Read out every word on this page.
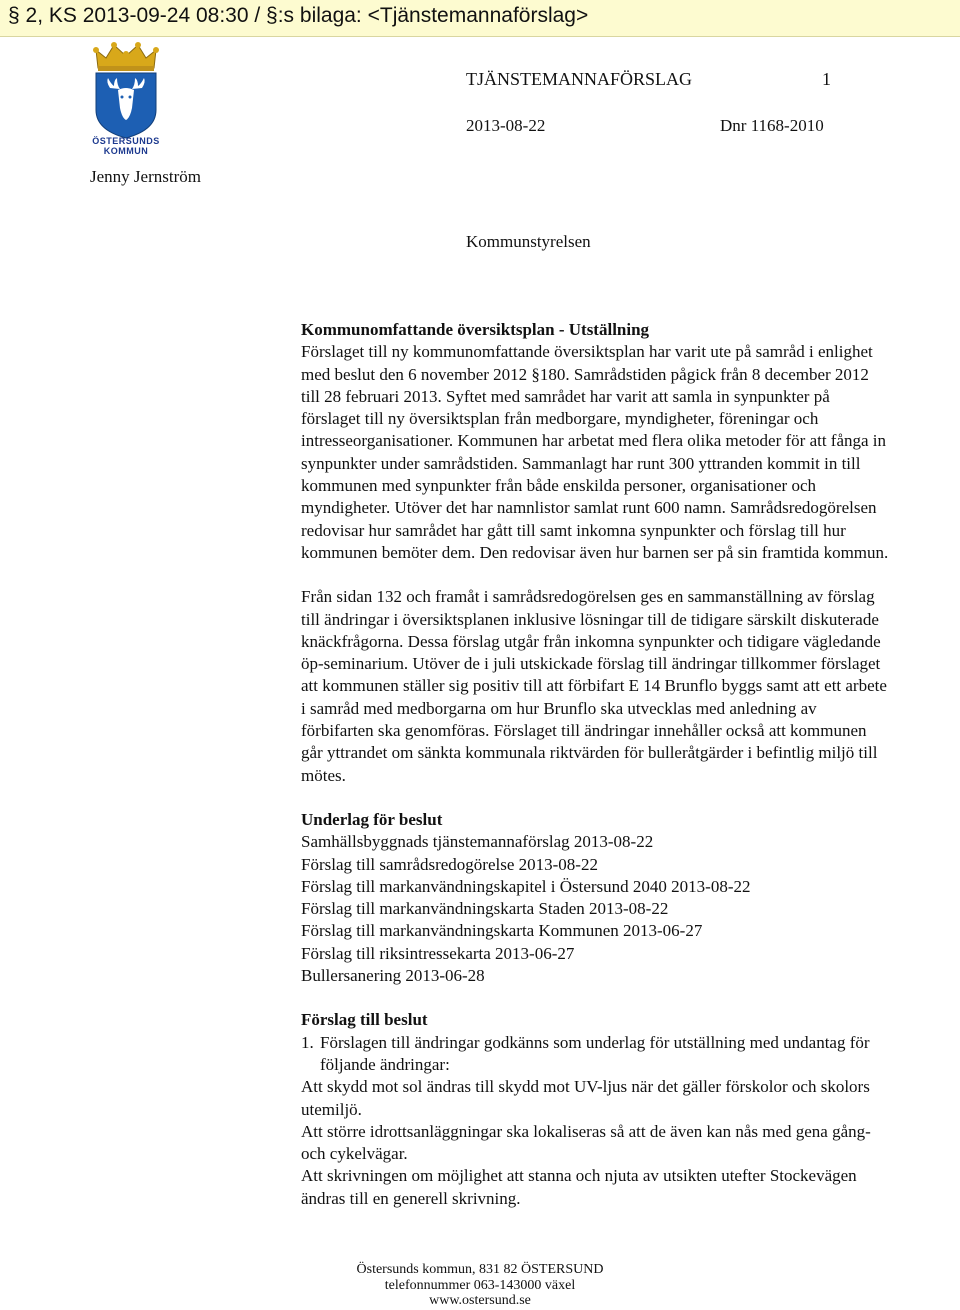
§ 2, KS 2013-09-24 08:30 / §:s bilaga: <Tjänstemannaförslag>
ÖSTERSUNDS
KOMMUN
TJÄNSTEMANNAFÖRSLAG	1
2013-08-22	Dnr 1168-2010
Jenny Jernström
Kommunstyrelsen

Kommunomfattande översiktsplan - Utställning

Förslaget till ny kommunomfattande översiktsplan har varit ute på samråd i enlighet med beslut den 6 november 2012 §180. Samrådstiden pågick från 8 december 2012 till 28 februari 2013. Syftet med samrådet har varit att samla in synpunkter på förslaget till ny översiktsplan från medborgare, myndigheter, föreningar och intresseorganisationer. Kommunen har arbetat med flera olika metoder för att fånga in synpunkter under samrådstiden. Sammanlagt har runt 300 yttranden kommit in till kommunen med synpunkter från både enskilda personer, organisationer och myndigheter. Utöver det har namnlistor samlat runt 600 namn. Samrådsredogörelsen redovisar hur samrådet har gått till samt inkomna synpunkter och förslag till hur kommunen bemöter dem. Den redovisar även hur barnen ser på sin framtida kommun.

Från sidan 132 och framåt i samrådsredogörelsen ges en sammanställning av förslag till ändringar i översiktsplanen inklusive lösningar till de tidigare särskilt diskuterade knäckfrågorna. Dessa förslag utgår från inkomna synpunkter och tidigare vägledande öp-seminarium. Utöver de i juli utskickade förslag till ändringar tillkommer förslaget att kommunen ställer sig positiv till att förbifart E 14 Brunflo byggs samt att ett arbete i samråd med medborgarna om hur Brunflo ska utvecklas med anledning av förbifarten ska genomföras. Förslaget till ändringar innehåller också att kommunen går yttrandet om sänkta kommunala riktvärden för bulleråtgärder i befintlig miljö till mötes.

Underlag för beslut

Samhällsbyggnads tjänstemannaförslag 2013-08-22

Förslag till samrådsredogörelse 2013-08-22

Förslag till markanvändningskapitel i Östersund 2040 2013-08-22

Förslag till markanvändningskarta Staden 2013-08-22

Förslag till markanvändningskarta Kommunen 2013-06-27

Förslag till riksintressekarta 2013-06-27

Bullersanering 2013-06-28

Förslag till beslut

1. Förslagen till ändringar godkänns som underlag för utställning med undantag för följande ändringar:

Att skydd mot sol ändras till skydd mot UV-ljus när det gäller förskolor och skolors utemiljö.

Att större idrottsanläggningar ska lokaliseras så att de även kan nås med gena gång- och cykelvägar.

Att skrivningen om möjlighet att stanna och njuta av utsikten utefter Stockevägen ändras till en generell skrivning.

Östersunds kommun, 831 82 ÖSTERSUND
telefonnummer 063-143000 växel
www.ostersund.se
